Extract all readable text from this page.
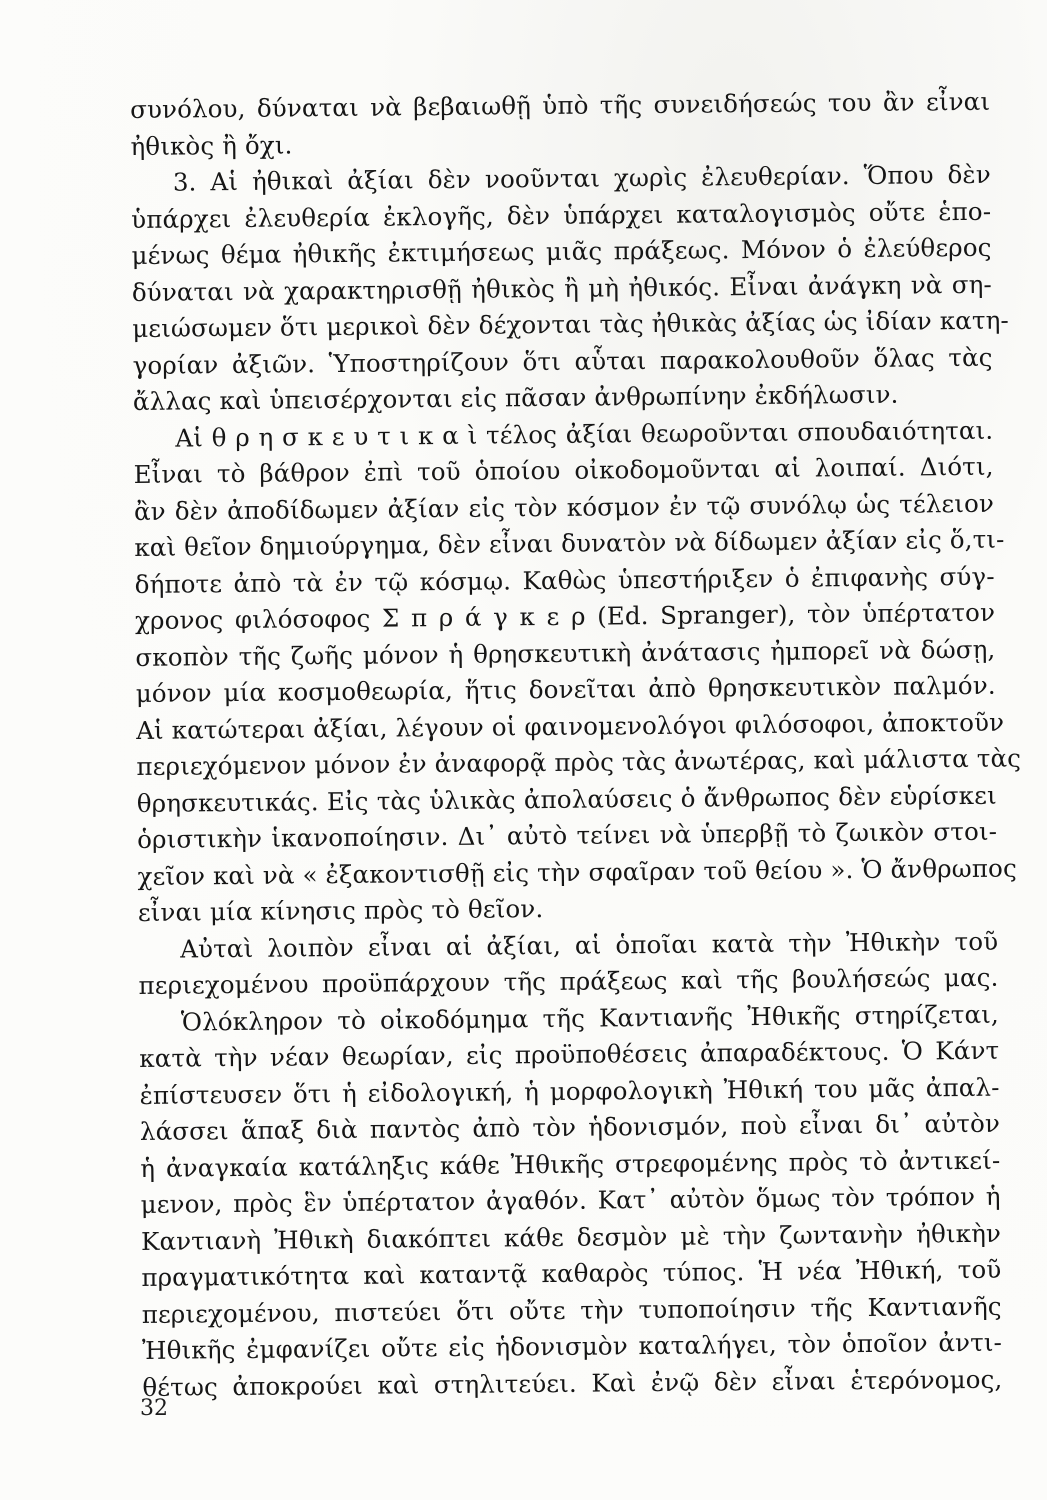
συνόλου, δύναται νὰ βεβαιωθῇ ὑπὸ τῆς συνειδήσεώς του ἂν εἶναι
ἠθικὸς ἢ ὄχι.
3. Αἱ ἠθικαὶ ἀξίαι δὲν νοοῦνται χωρὶς ἐλευθερίαν. Ὅπου δὲν
ὑπάρχει ἐλευθερία ἐκλογῆς, δὲν ὑπάρχει καταλογισμὸς οὔτε ἑπο-
μένως θέμα ἠθικῆς ἐκτιμήσεως μιᾶς πράξεως. Μόνον ὁ ἐλεύθερος
δύναται νὰ χαρακτηρισθῇ ἠθικὸς ἢ μὴ ἠθικός. Εἶναι ἀνάγκη νὰ ση-
μειώσωμεν ὅτι μερικοὶ δὲν δέχονται τὰς ἠθικὰς ἀξίας ὡς ἰδίαν κατη-
γορίαν ἀξιῶν. Ὑποστηρίζουν ὅτι αὗται παρακολουθοῦν ὅλας τὰς
ἄλλας καὶ ὑπεισέρχονται εἰς πᾶσαν ἀνθρωπίνην ἐκδήλωσιν.
Αἱ θ ρ η σ κ ε υ τ ι κ α ὶ τέλος ἀξίαι θεωροῦνται σπουδαιότηται.
Εἶναι τὸ βάθρον ἐπὶ τοῦ ὁποίου οἰκοδομοῦνται αἱ λοιπαί. Διότι,
ἂν δὲν ἀποδίδωμεν ἀξίαν εἰς τὸν κόσμον ἐν τῷ συνόλῳ ὡς τέλειον
καὶ θεῖον δημιούργημα, δὲν εἶναι δυνατὸν νὰ δίδωμεν ἀξίαν εἰς ὅ,τι-
δήποτε ἀπὸ τὰ ἐν τῷ κόσμῳ. Καθὼς ὑπεστήριξεν ὁ ἐπιφανὴς σύγ-
χρονος φιλόσοφος Σ π ρ ά γ κ ε ρ (Ed. Spranger), τὸν ὑπέρτατον
σκοπὸν τῆς ζωῆς μόνον ἡ θρησκευτικὴ ἀνάτασις ἠμπορεῖ νὰ δώσῃ,
μόνον μία κοσμοθεωρία, ἥτις δονεῖται ἀπὸ θρησκευτικὸν παλμόν.
Αἱ κατώτεραι ἀξίαι, λέγουν οἱ φαινομενολόγοι φιλόσοφοι, ἀποκτοῦν
περιεχόμενον μόνον ἐν ἀναφορᾷ πρὸς τὰς ἀνωτέρας, καὶ μάλιστα τὰς
θρησκευτικάς. Εἰς τὰς ὑλικὰς ἀπολαύσεις ὁ ἄνθρωπος δὲν εὑρίσκει
ὁριστικὴν ἱκανοποίησιν. Δι᾽ αὐτὸ τείνει νὰ ὑπερβῇ τὸ ζωικὸν στοι-
χεῖον καὶ νὰ « ἐξακοντισθῇ εἰς τὴν σφαῖραν τοῦ θείου ». Ὁ ἄνθρωπος
εἶναι μία κίνησις πρὸς τὸ θεῖον.
Αὐταὶ λοιπὸν εἶναι αἱ ἀξίαι, αἱ ὁποῖαι κατὰ τὴν Ἠθικὴν τοῦ
περιεχομένου προϋπάρχουν τῆς πράξεως καὶ τῆς βουλήσεώς μας.
Ὁλόκληρον τὸ οἰκοδόμημα τῆς Καντιανῆς Ἠθικῆς στηρίζεται,
κατὰ τὴν νέαν θεωρίαν, εἰς προϋποθέσεις ἀπαραδέκτους. Ὁ Κάντ
ἐπίστευσεν ὅτι ἡ εἰδολογική, ἡ μορφολογικὴ Ἠθική του μᾶς ἀπαλ-
λάσσει ἅπαξ διὰ παντὸς ἀπὸ τὸν ἡδονισμόν, ποὺ εἶναι δι᾽ αὐτὸν
ἡ ἀναγκαία κατάληξις κάθε Ἠθικῆς στρεφομένης πρὸς τὸ ἀντικεί-
μενον, πρὸς ἓν ὑπέρτατον ἀγαθόν. Κατ᾽ αὐτὸν ὅμως τὸν τρόπον ἡ
Καντιανὴ Ἠθικὴ διακόπτει κάθε δεσμὸν μὲ τὴν ζωντανὴν ἠθικὴν
πραγματικότητα καὶ καταντᾷ καθαρὸς τύπος. Ἡ νέα Ἠθική, τοῦ
περιεχομένου, πιστεύει ὅτι οὔτε τὴν τυποποίησιν τῆς Καντιανῆς
Ἠθικῆς ἐμφανίζει οὔτε εἰς ἡδονισμὸν καταλήγει, τὸν ὁποῖον ἀντι-
θέτως ἀποκρούει καὶ στηλιτεύει. Καὶ ἐνῷ δὲν εἶναι ἑτερόνομος,
32
